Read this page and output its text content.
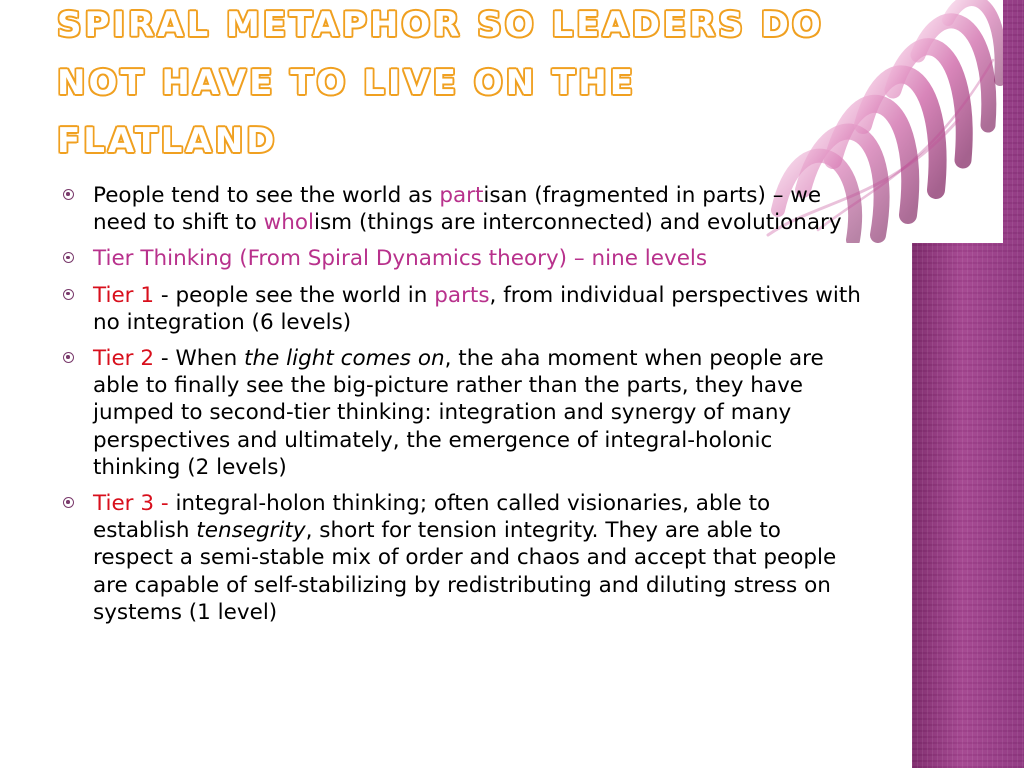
SPIRAL METAPHOR SO LEADERS DO
NOT HAVE TO LIVE ON THE
FLATLAND
People tend to see the world as partisan (fragmented in parts) – we need to shift to wholism (things are interconnected) and evolutionary
Tier Thinking (From Spiral Dynamics theory) – nine levels
Tier 1 - people see the world in parts, from individual perspectives with no integration (6 levels)
Tier 2 - When the light comes on, the aha moment when people are able to finally see the big-picture rather than the parts, they have jumped to second-tier thinking: integration and synergy of many perspectives and ultimately, the emergence of integral-holonic thinking (2 levels)
Tier 3 - integral-holon thinking; often called visionaries, able to establish tensegrity, short for tension integrity. They are able to respect a semi-stable mix of order and chaos and accept that people are capable of self-stabilizing by redistributing and diluting stress on systems (1 level)
